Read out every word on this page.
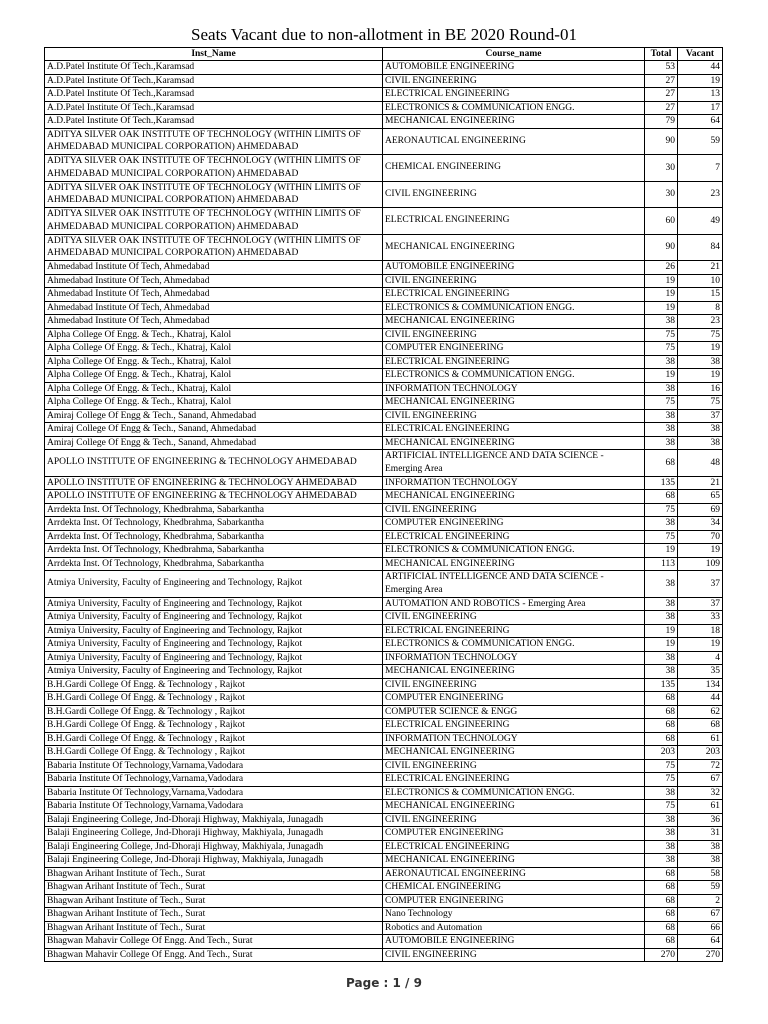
Seats Vacant due to non-allotment in BE 2020 Round-01
Inst_Name	Course_name	Total	Vacant
A.D.Patel Institute Of Tech.,Karamsad	AUTOMOBILE ENGINEERING	53	44
A.D.Patel Institute Of Tech.,Karamsad	CIVIL ENGINEERING	27	19
A.D.Patel Institute Of Tech.,Karamsad	ELECTRICAL ENGINEERING	27	13
A.D.Patel Institute Of Tech.,Karamsad	ELECTRONICS & COMMUNICATION ENGG.	27	17
A.D.Patel Institute Of Tech.,Karamsad	MECHANICAL ENGINEERING	79	64
ADITYA SILVER OAK INSTITUTE OF TECHNOLOGY (WITHIN LIMITS OF AHMEDABAD MUNICIPAL CORPORATION) AHMEDABAD	AERONAUTICAL ENGINEERING	90	59
ADITYA SILVER OAK INSTITUTE OF TECHNOLOGY (WITHIN LIMITS OF AHMEDABAD MUNICIPAL CORPORATION) AHMEDABAD	CHEMICAL ENGINEERING	30	7
ADITYA SILVER OAK INSTITUTE OF TECHNOLOGY (WITHIN LIMITS OF AHMEDABAD MUNICIPAL CORPORATION) AHMEDABAD	CIVIL ENGINEERING	30	23
ADITYA SILVER OAK INSTITUTE OF TECHNOLOGY (WITHIN LIMITS OF AHMEDABAD MUNICIPAL CORPORATION) AHMEDABAD	ELECTRICAL ENGINEERING	60	49
ADITYA SILVER OAK INSTITUTE OF TECHNOLOGY (WITHIN LIMITS OF AHMEDABAD MUNICIPAL CORPORATION) AHMEDABAD	MECHANICAL ENGINEERING	90	84
Ahmedabad Institute Of Tech, Ahmedabad	AUTOMOBILE ENGINEERING	26	21
Ahmedabad Institute Of Tech, Ahmedabad	CIVIL ENGINEERING	19	10
Ahmedabad Institute Of Tech, Ahmedabad	ELECTRICAL ENGINEERING	19	15
Ahmedabad Institute Of Tech, Ahmedabad	ELECTRONICS & COMMUNICATION ENGG.	19	8
Ahmedabad Institute Of Tech, Ahmedabad	MECHANICAL ENGINEERING	38	23
Alpha College Of Engg. & Tech., Khatraj, Kalol	CIVIL ENGINEERING	75	75
Alpha College Of Engg. & Tech., Khatraj, Kalol	COMPUTER ENGINEERING	75	19
Alpha College Of Engg. & Tech., Khatraj, Kalol	ELECTRICAL ENGINEERING	38	38
Alpha College Of Engg. & Tech., Khatraj, Kalol	ELECTRONICS & COMMUNICATION ENGG.	19	19
Alpha College Of Engg. & Tech., Khatraj, Kalol	INFORMATION TECHNOLOGY	38	16
Alpha College Of Engg. & Tech., Khatraj, Kalol	MECHANICAL ENGINEERING	75	75
Amiraj College Of Engg & Tech., Sanand, Ahmedabad	CIVIL ENGINEERING	38	37
Amiraj College Of Engg & Tech., Sanand, Ahmedabad	ELECTRICAL ENGINEERING	38	38
Amiraj College Of Engg & Tech., Sanand, Ahmedabad	MECHANICAL ENGINEERING	38	38
APOLLO INSTITUTE OF ENGINEERING & TECHNOLOGY AHMEDABAD	ARTIFICIAL INTELLIGENCE AND DATA SCIENCE - Emerging Area	68	48
APOLLO INSTITUTE OF ENGINEERING & TECHNOLOGY AHMEDABAD	INFORMATION TECHNOLOGY	135	21
APOLLO INSTITUTE OF ENGINEERING & TECHNOLOGY AHMEDABAD	MECHANICAL ENGINEERING	68	65
Arrdekta Inst. Of Technology, Khedbrahma, Sabarkantha	CIVIL ENGINEERING	75	69
Arrdekta Inst. Of Technology, Khedbrahma, Sabarkantha	COMPUTER ENGINEERING	38	34
Arrdekta Inst. Of Technology, Khedbrahma, Sabarkantha	ELECTRICAL ENGINEERING	75	70
Arrdekta Inst. Of Technology, Khedbrahma, Sabarkantha	ELECTRONICS & COMMUNICATION ENGG.	19	19
Arrdekta Inst. Of Technology, Khedbrahma, Sabarkantha	MECHANICAL ENGINEERING	113	109
Atmiya University, Faculty of Engineering and Technology, Rajkot	ARTIFICIAL INTELLIGENCE AND DATA SCIENCE - Emerging Area	38	37
Atmiya University, Faculty of Engineering and Technology, Rajkot	AUTOMATION AND ROBOTICS - Emerging Area	38	37
Atmiya University, Faculty of Engineering and Technology, Rajkot	CIVIL ENGINEERING	38	33
Atmiya University, Faculty of Engineering and Technology, Rajkot	ELECTRICAL ENGINEERING	19	18
Atmiya University, Faculty of Engineering and Technology, Rajkot	ELECTRONICS & COMMUNICATION ENGG.	19	19
Atmiya University, Faculty of Engineering and Technology, Rajkot	INFORMATION TECHNOLOGY	38	4
Atmiya University, Faculty of Engineering and Technology, Rajkot	MECHANICAL ENGINEERING	38	35
B.H.Gardi College Of Engg. & Technology , Rajkot	CIVIL ENGINEERING	135	134
B.H.Gardi College Of Engg. & Technology , Rajkot	COMPUTER ENGINEERING	68	44
B.H.Gardi College Of Engg. & Technology , Rajkot	COMPUTER SCIENCE & ENGG	68	62
B.H.Gardi College Of Engg. & Technology , Rajkot	ELECTRICAL ENGINEERING	68	68
B.H.Gardi College Of Engg. & Technology , Rajkot	INFORMATION TECHNOLOGY	68	61
B.H.Gardi College Of Engg. & Technology , Rajkot	MECHANICAL ENGINEERING	203	203
Babaria Institute Of Technology,Varnama,Vadodara	CIVIL ENGINEERING	75	72
Babaria Institute Of Technology,Varnama,Vadodara	ELECTRICAL ENGINEERING	75	67
Babaria Institute Of Technology,Varnama,Vadodara	ELECTRONICS & COMMUNICATION ENGG.	38	32
Babaria Institute Of Technology,Varnama,Vadodara	MECHANICAL ENGINEERING	75	61
Balaji Engineering College, Jnd-Dhoraji Highway, Makhiyala, Junagadh	CIVIL ENGINEERING	38	36
Balaji Engineering College, Jnd-Dhoraji Highway, Makhiyala, Junagadh	COMPUTER ENGINEERING	38	31
Balaji Engineering College, Jnd-Dhoraji Highway, Makhiyala, Junagadh	ELECTRICAL ENGINEERING	38	38
Balaji Engineering College, Jnd-Dhoraji Highway, Makhiyala, Junagadh	MECHANICAL ENGINEERING	38	38
Bhagwan Arihant Institute of Tech., Surat	AERONAUTICAL ENGINEERING	68	58
Bhagwan Arihant Institute of Tech., Surat	CHEMICAL ENGINEERING	68	59
Bhagwan Arihant Institute of Tech., Surat	COMPUTER ENGINEERING	68	2
Bhagwan Arihant Institute of Tech., Surat	Nano Technology	68	67
Bhagwan Arihant Institute of Tech., Surat	Robotics and Automation	68	66
Bhagwan Mahavir College Of Engg. And Tech., Surat	AUTOMOBILE ENGINEERING	68	64
Bhagwan Mahavir College Of Engg. And Tech., Surat	CIVIL ENGINEERING	270	270
Page : 1 / 9
